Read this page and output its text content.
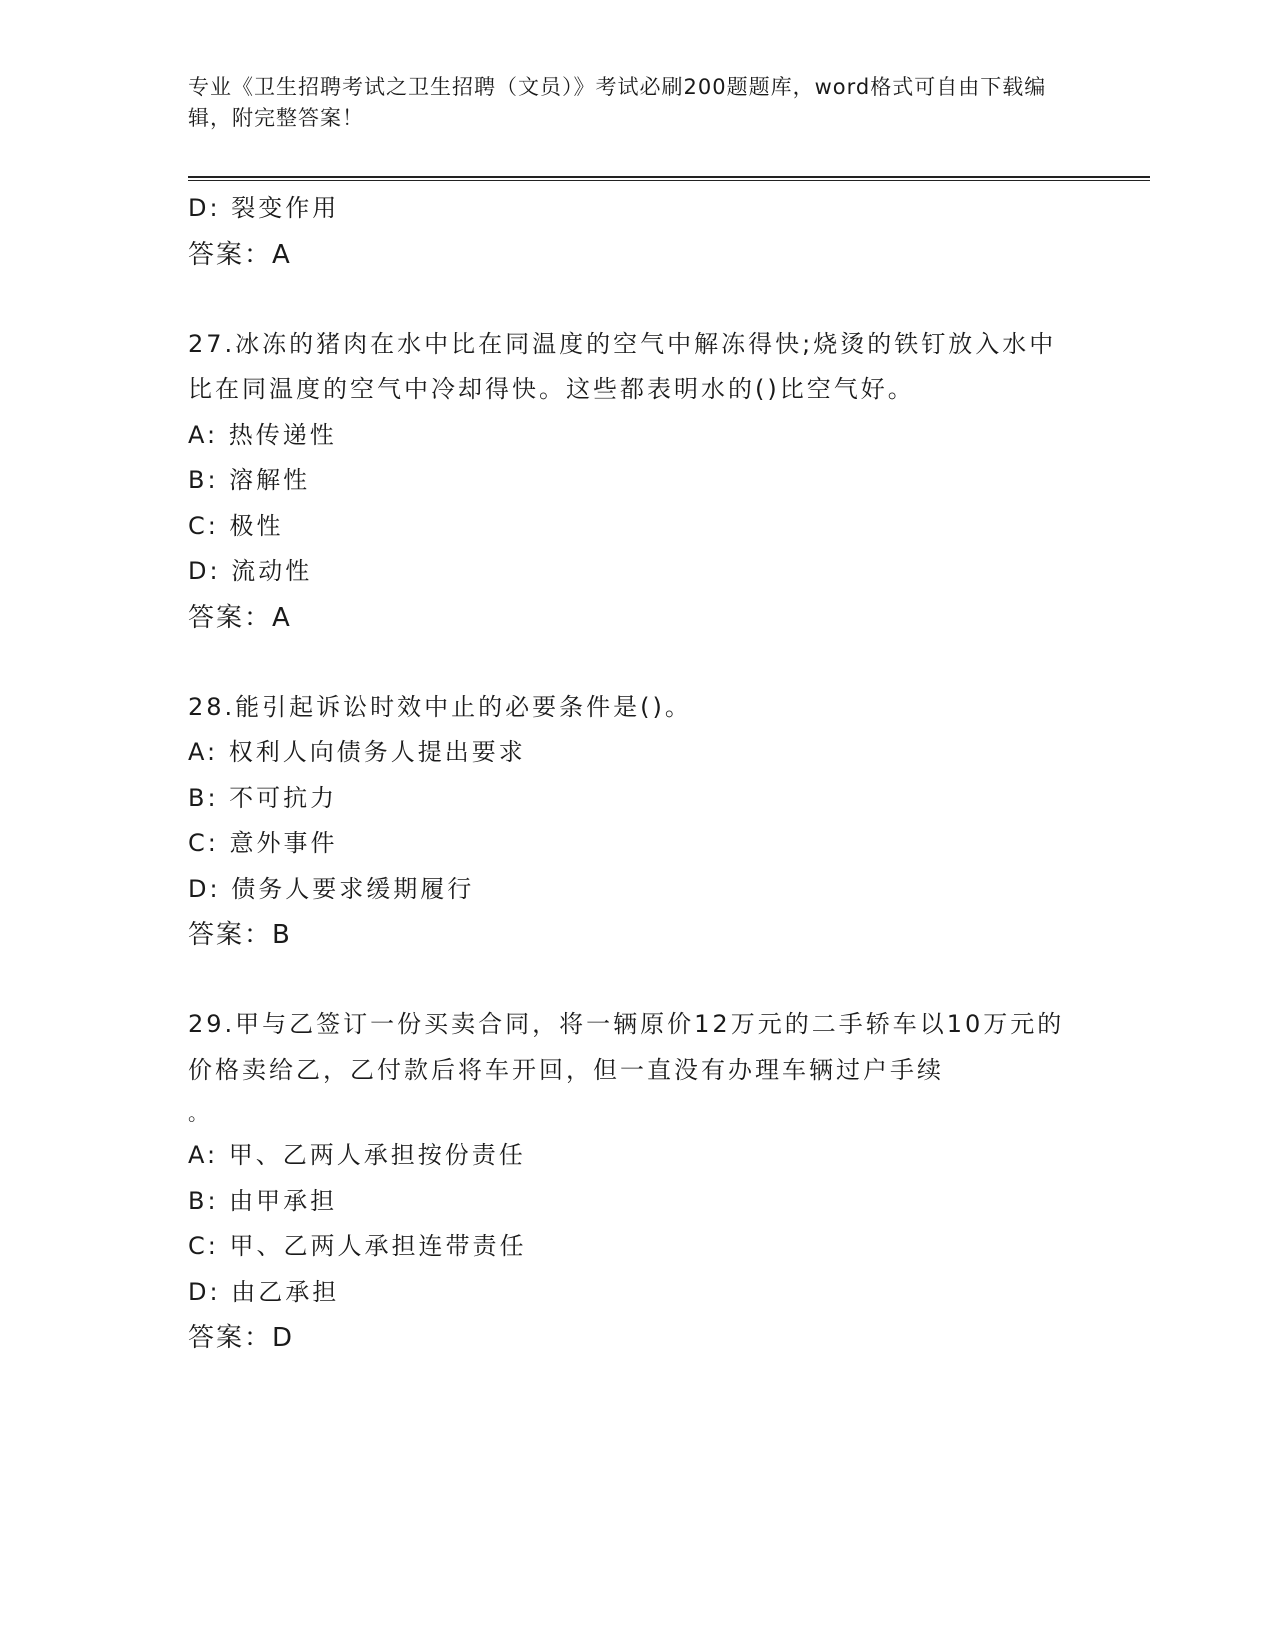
专业《卫生招聘考试之卫生招聘（文员）》考试必刷200题题库，word格式可自由下载编辑，附完整答案！
D: 裂变作用
答案：A
27.冰冻的猪肉在水中比在同温度的空气中解冻得快;烧烫的铁钉放入水中比在同温度的空气中冷却得快。这些都表明水的()比空气好。
A: 热传递性
B: 溶解性
C: 极性
D: 流动性
答案：A
28.能引起诉讼时效中止的必要条件是()。
A: 权利人向债务人提出要求
B: 不可抗力
C: 意外事件
D: 债务人要求缓期履行
答案：B
29.甲与乙签订一份买卖合同，将一辆原价12万元的二手轿车以10万元的价格卖给乙，乙付款后将车开回，但一直没有办理车辆过户手续
。
A: 甲、乙两人承担按份责任
B: 由甲承担
C: 甲、乙两人承担连带责任
D: 由乙承担
答案：D
